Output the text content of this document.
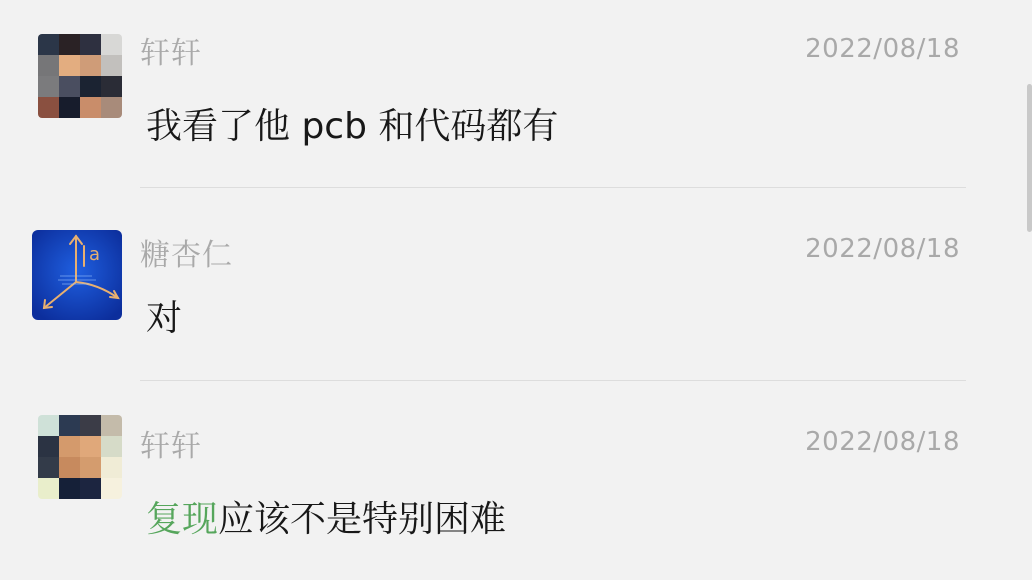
轩轩	2022/08/18
我看了他 pcb 和代码都有
a 糖杏仁	2022/08/18
对
轩轩	2022/08/18
复现应该不是特别困难
